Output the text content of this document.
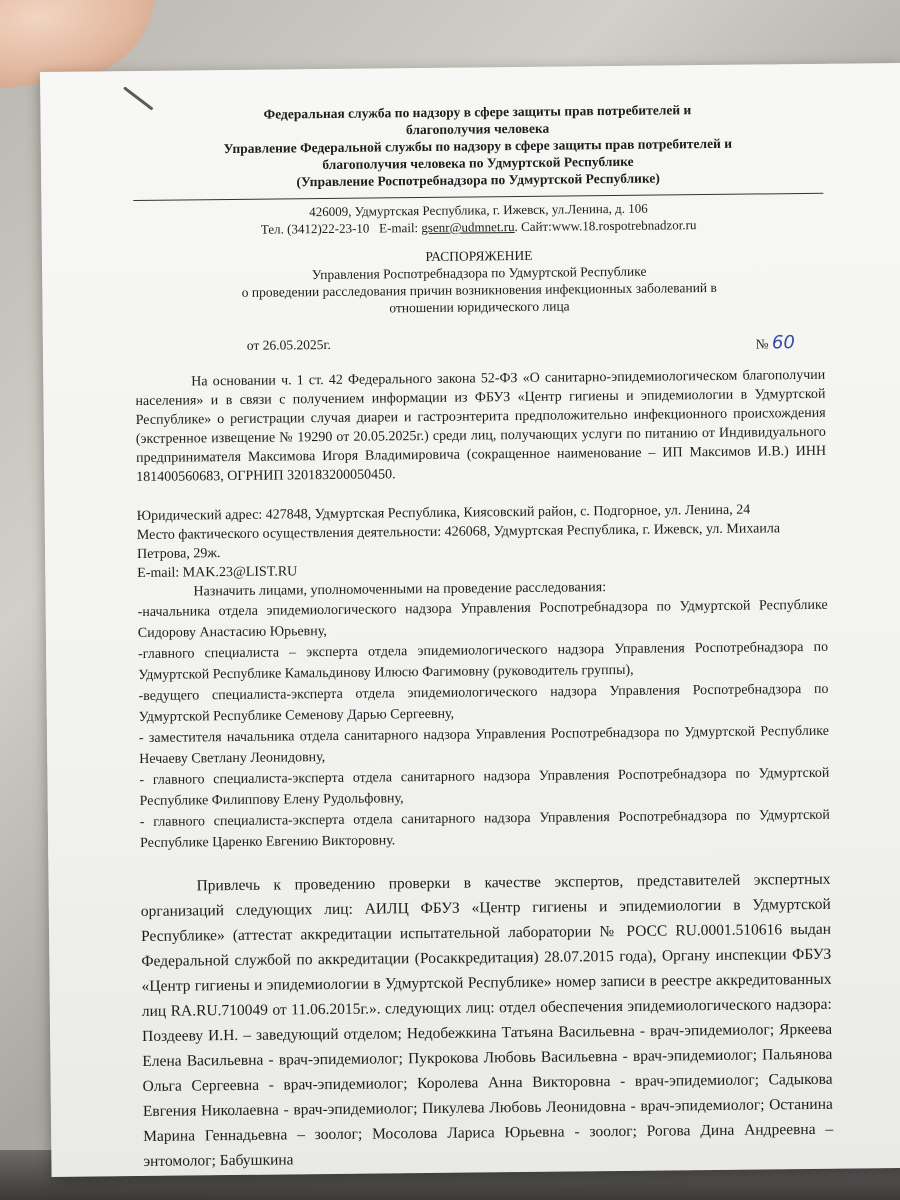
Федеральная служба по надзору в сфере защиты прав потребителей и
благополучия человека
Управление Федеральной службы по надзору в сфере защиты прав потребителей и
благополучия человека по Удмуртской Республике
(Управление Роспотребнадзора по Удмуртской Республике)
426009, Удмуртская Республика, г. Ижевск, ул.Ленина, д. 106
Тел. (3412)22-23-10 E-mail: gsenr@udmnet.ru. Сайт:www.18.rospotrebnadzor.ru
РАСПОРЯЖЕНИЕ
Управления Роспотребнадзора по Удмуртской Республике
о проведении расследования причин возникновения инфекционных заболеваний в
отношении юридического лица
от 26.05.2025г.	№ 60
На основании ч. 1 ст. 42 Федерального закона 52-ФЗ «О санитарно-эпидемиологическом благополучии населения» и в связи с получением информации из ФБУЗ «Центр гигиены и эпидемиологии в Удмуртской Республике» о регистрации случая диареи и гастроэнтерита предположительно инфекционного происхождения (экстренное извещение № 19290 от 20.05.2025г.) среди лиц, получающих услуги по питанию от Индивидуального предпринимателя Максимова Игоря Владимировича (сокращенное наименование – ИП Максимов И.В.) ИНН 181400560683, ОГРНИП 320183200050450.
Юридический адрес: 427848, Удмуртская Республика, Киясовский район, с. Подгорное, ул. Ленина, 24
Место фактического осуществления деятельности: 426068, Удмуртская Республика, г. Ижевск, ул. Михаила Петрова, 29ж.
E-mail: MAK.23@LIST.RU
Назначить лицами, уполномоченными на проведение расследования:
-начальника отдела эпидемиологического надзора Управления Роспотребнадзора по Удмуртской Республике Сидорову Анастасию Юрьевну,
-главного специалиста – эксперта отдела эпидемиологического надзора Управления Роспотребнадзора по Удмуртской Республике Камальдинову Илюсю Фагимовну (руководитель группы),
-ведущего специалиста-эксперта отдела эпидемиологического надзора Управления Роспотребнадзора по Удмуртской Республике Семенову Дарью Сергеевну,
- заместителя начальника отдела санитарного надзора Управления Роспотребнадзора по Удмуртской Республике Нечаеву Светлану Леонидовну,
- главного специалиста-эксперта отдела санитарного надзора Управления Роспотребнадзора по Удмуртской Республике Филиппову Елену Рудольфовну,
- главного специалиста-эксперта отдела санитарного надзора Управления Роспотребнадзора по Удмуртской Республике Царенко Евгению Викторовну.
Привлечь к проведению проверки в качестве экспертов, представителей экспертных организаций следующих лиц: АИЛЦ ФБУЗ «Центр гигиены и эпидемиологии в Удмуртской Республике» (аттестат аккредитации испытательной лаборатории № РОСС RU.0001.510616 выдан Федеральной службой по аккредитации (Росаккредитация) 28.07.2015 года), Органу инспекции ФБУЗ «Центр гигиены и эпидемиологии в Удмуртской Республике» номер записи в реестре аккредитованных лиц RA.RU.710049 от 11.06.2015г.». следующих лиц: отдел обеспечения эпидемиологического надзора: Поздееву И.Н. – заведующий отделом; Недобежкина Татьяна Васильевна - врач-эпидемиолог; Яркеева Елена Васильевна - врач-эпидемиолог; Пукрокова Любовь Васильевна - врач-эпидемиолог; Пальянова Ольга Сергеевна - врач-эпидемиолог; Королева Анна Викторовна - врач-эпидемиолог; Садыкова Евгения Николаевна - врач-эпидемиолог; Пикулева Любовь Леонидовна - врач-эпидемиолог; Останина Марина Геннадьевна – зоолог; Мосолова Лариса Юрьевна - зоолог; Рогова Дина Андреевна – энтомолог; Бабушкина
